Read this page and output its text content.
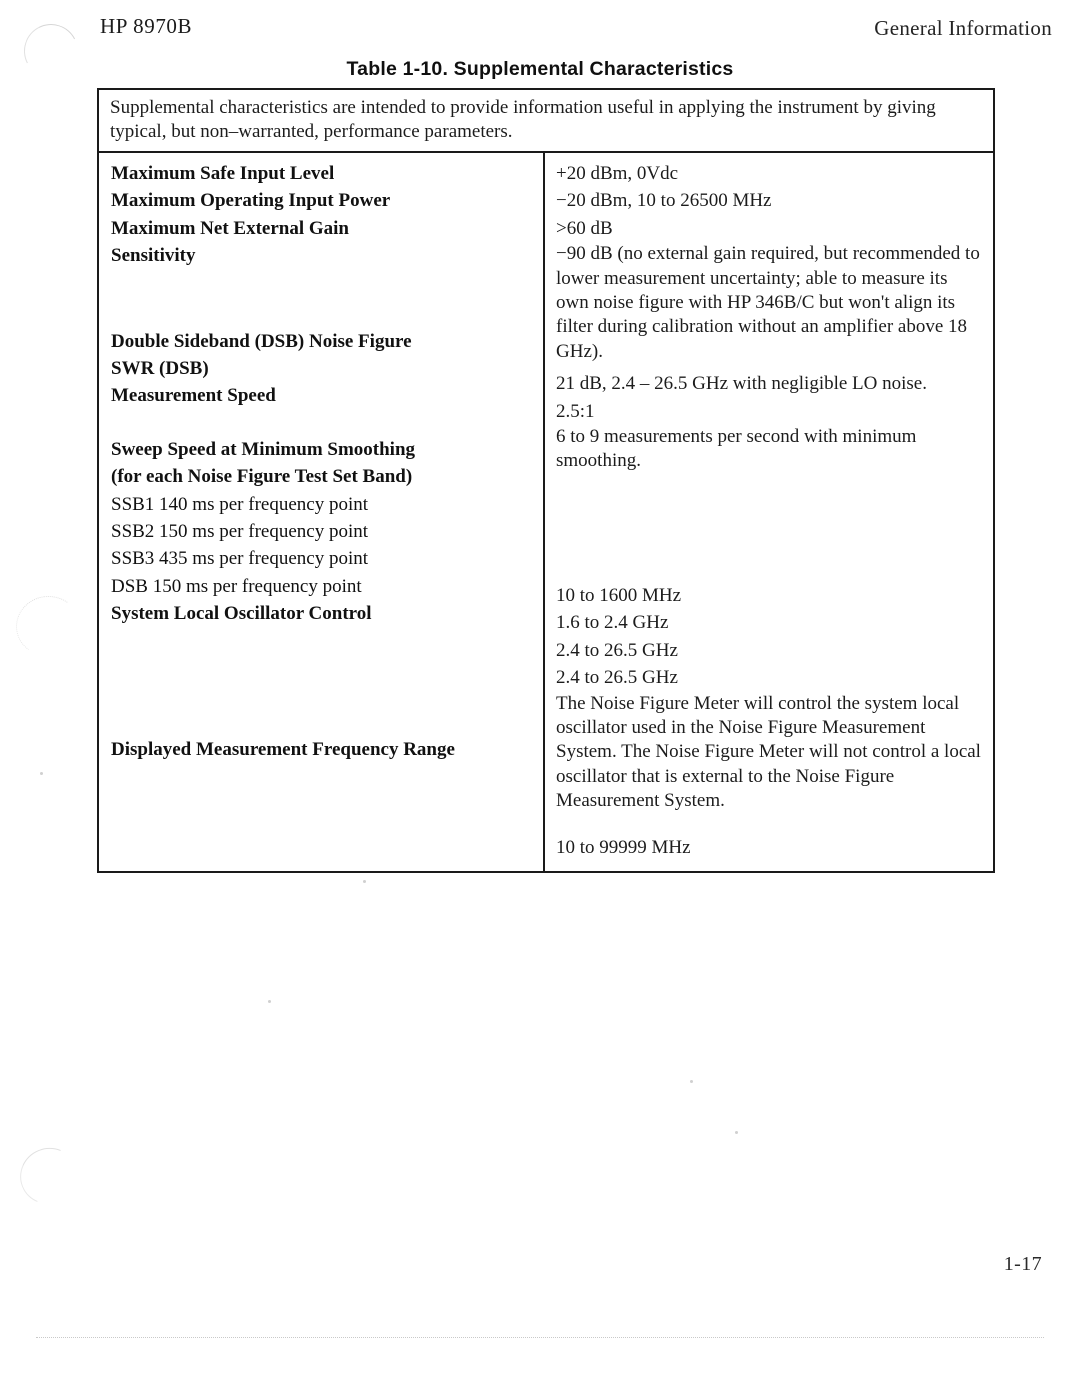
HP 8970B	General Information
Table 1-10. Supplemental Characteristics
Supplemental characteristics are intended to provide information useful in applying the instrument by giving typical, but non–warranted, performance parameters.
Maximum Safe Input Level
Maximum Operating Input Power
Maximum Net External Gain
Sensitivity
Double Sideband (DSB) Noise Figure
SWR (DSB)
Measurement Speed
Sweep Speed at Minimum Smoothing
(for each Noise Figure Test Set Band)
SSB1 140 ms per frequency point
SSB2 150 ms per frequency point
SSB3 435 ms per frequency point
DSB 150 ms per frequency point
System Local Oscillator Control
Displayed Measurement Frequency Range
+20 dBm, 0Vdc
−20 dBm, 10 to 26500 MHz
>60 dB
−90 dB (no external gain required, but recommended to lower measurement uncertainty; able to measure its own noise figure with HP 346B/C but won't align its filter during calibration without an amplifier above 18 GHz).
21 dB, 2.4 – 26.5 GHz with negligible LO noise.
2.5:1
6 to 9 measurements per second with minimum smoothing.
10 to 1600 MHz
1.6 to 2.4 GHz
2.4 to 26.5 GHz
2.4 to 26.5 GHz
The Noise Figure Meter will control the system local oscillator used in the Noise Figure Measurement System. The Noise Figure Meter will not control a local oscillator that is external to the Noise Figure Measurement System.
10 to 99999 MHz
1-17
